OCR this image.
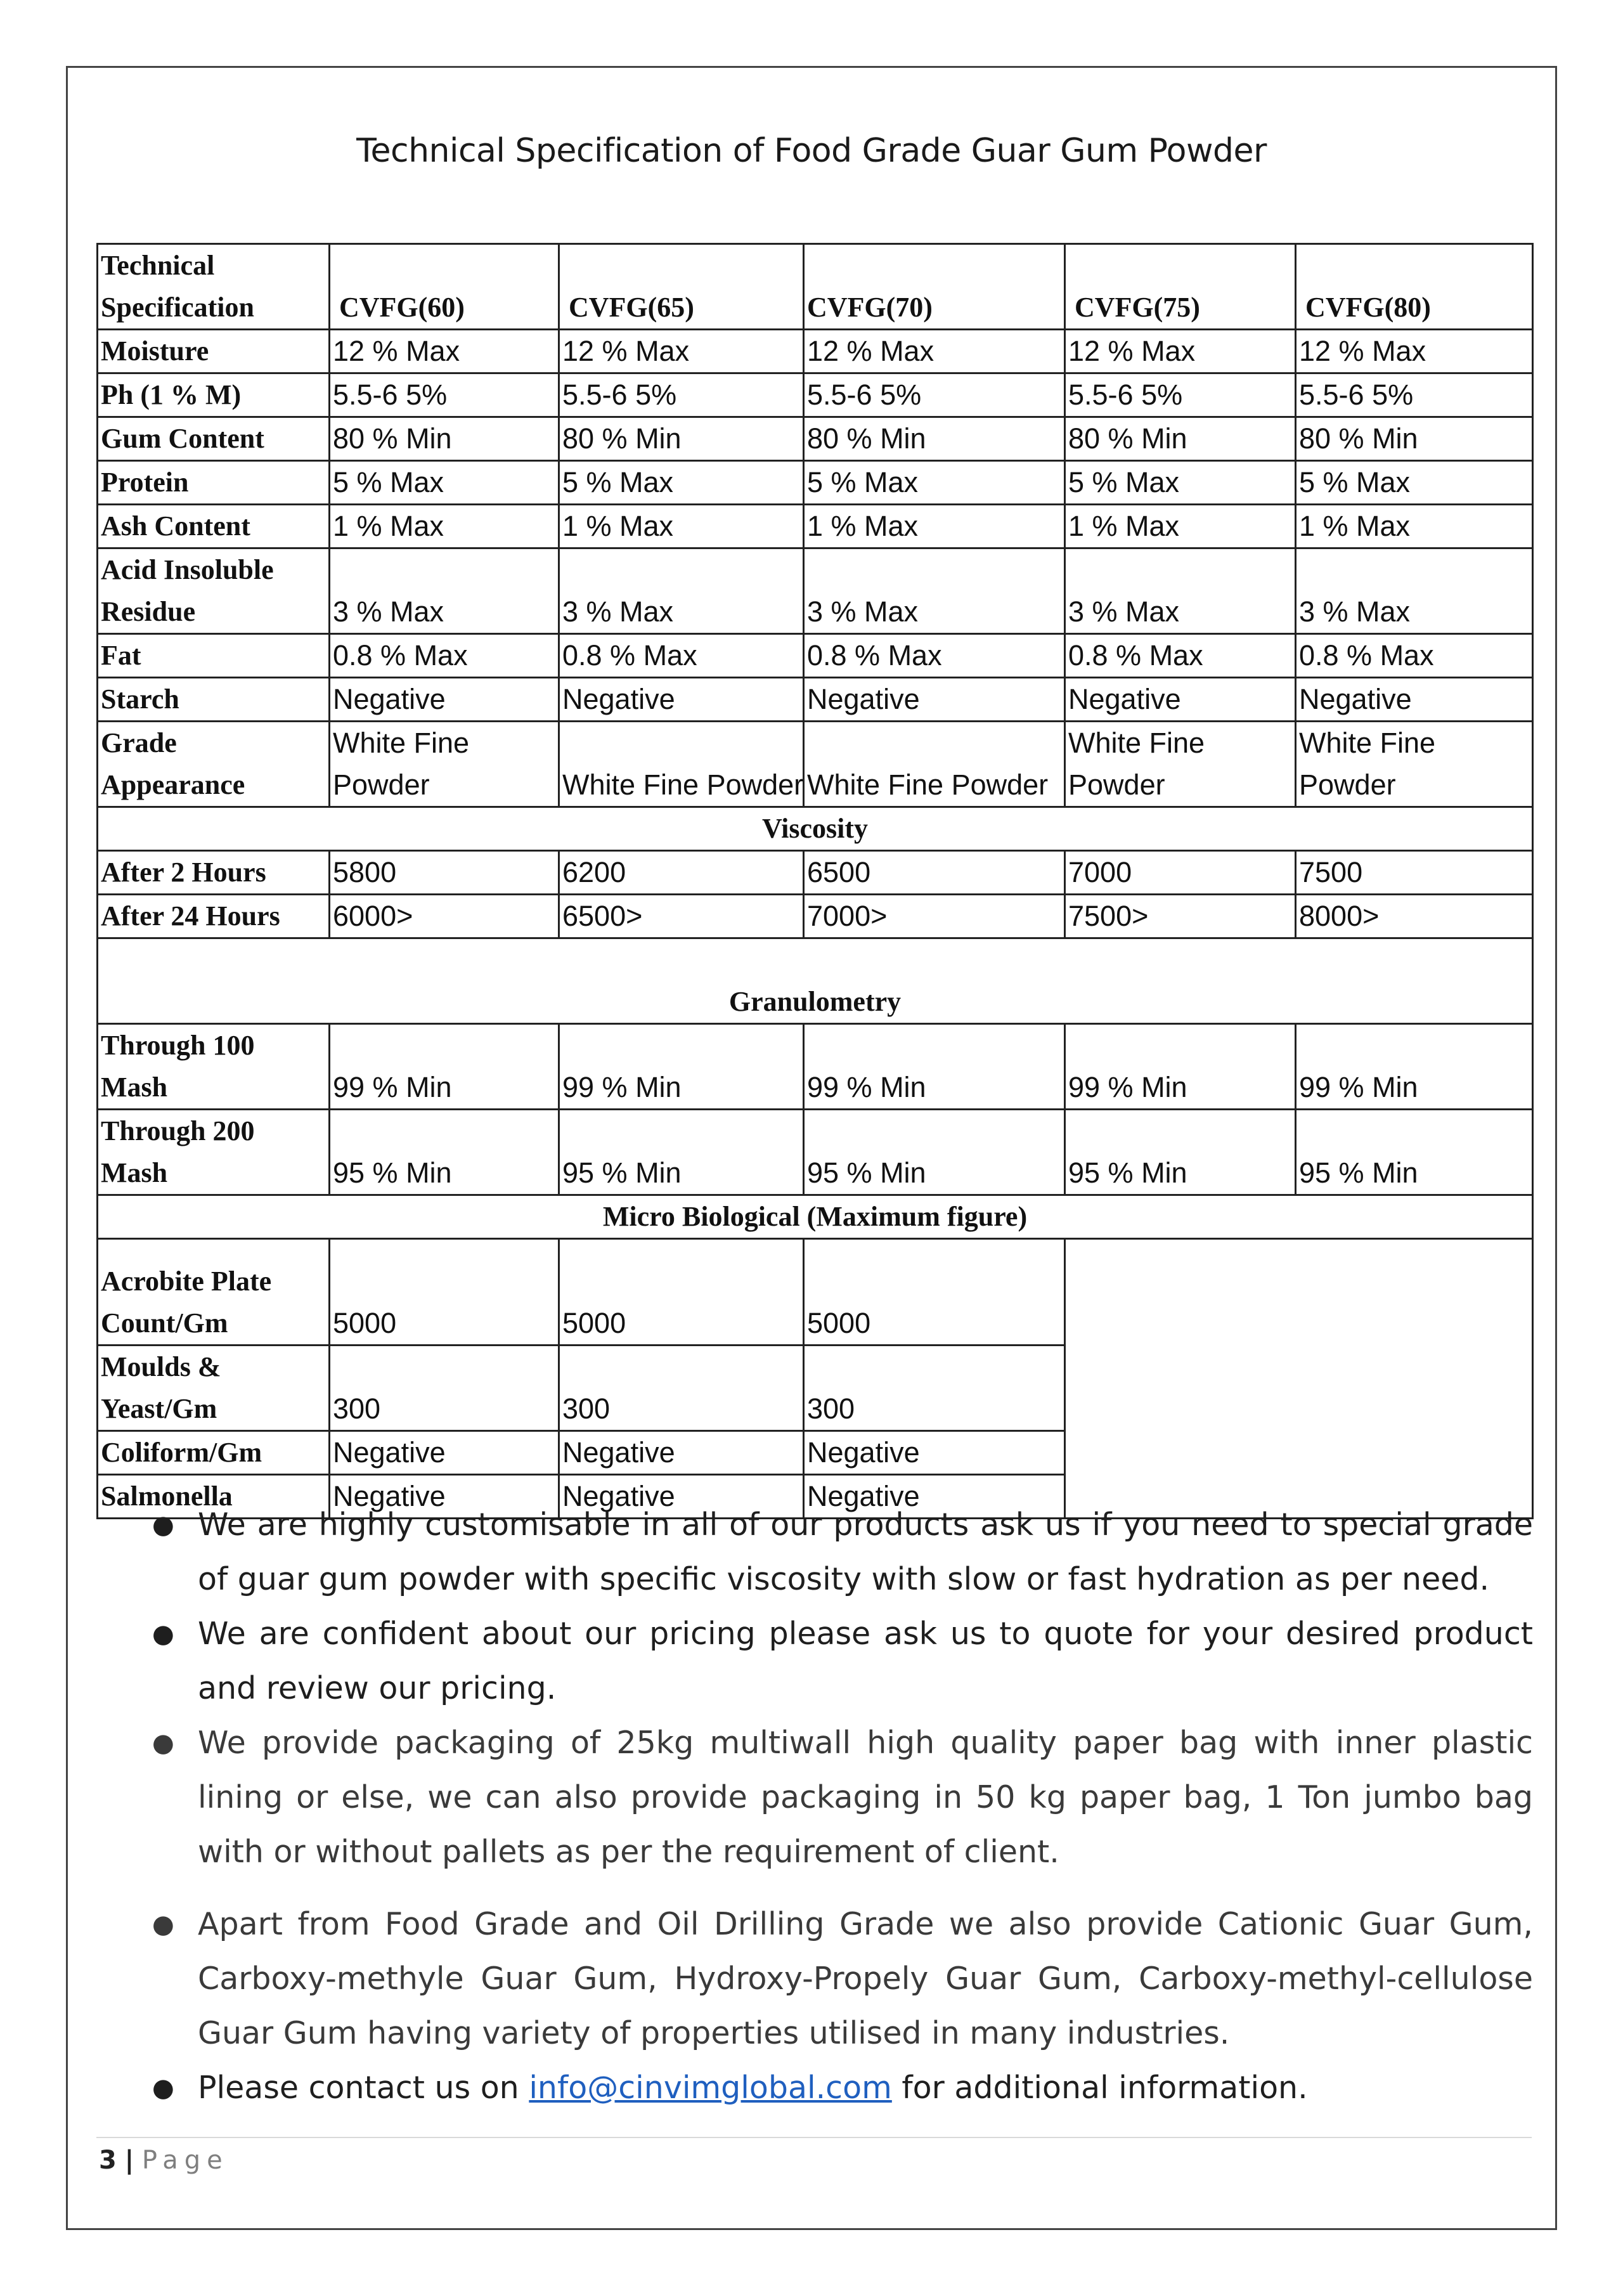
Technical Specification of Food Grade Guar Gum Powder
Technical Specification	CVFG(60)	CVFG(65)	CVFG(70)	CVFG(75)	CVFG(80)
Moisture	12 % Max	12 % Max	12 % Max	12 % Max	12 % Max
Ph (1 % M)	5.5-6 5%	5.5-6 5%	5.5-6 5%	5.5-6 5%	5.5-6 5%
Gum Content	80 % Min	80 % Min	80 % Min	80 % Min	80 % Min
Protein	5 % Max	5 % Max	5 % Max	5 % Max	5 % Max
Ash Content	1 % Max	1 % Max	1 % Max	1 % Max	1 % Max
Acid Insoluble Residue	3 % Max	3 % Max	3 % Max	3 % Max	3 % Max
Fat	0.8 % Max	0.8 % Max	0.8 % Max	0.8 % Max	0.8 % Max
Starch	Negative	Negative	Negative	Negative	Negative
Grade Appearance	White Fine Powder	White Fine Powder	White Fine Powder	White Fine Powder	White Fine Powder
Viscosity					
After 2 Hours	5800	6200	6500	7000	7500
After 24 Hours	6000>	6500>	7000>	7500>	8000>
Granulometry					
Through 100 Mash	99 % Min	99 % Min	99 % Min	99 % Min	99 % Min
Through 200 Mash	95 % Min	95 % Min	95 % Min	95 % Min	95 % Min
Micro Biological (Maximum figure)					
Acrobite Plate Count/Gm	5000	5000	5000		
Moulds & Yeast/Gm	300	300	300		
Coliform/Gm	Negative	Negative	Negative		
Salmonella	Negative	Negative	Negative		
● We are highly customisable in all of our products ask us if you need to special grade of guar gum powder with specific viscosity with slow or fast hydration as per need.
● We are confident about our pricing please ask us to quote for your desired product and review our pricing.
● We provide packaging of 25kg multiwall high quality paper bag with inner plastic lining or else, we can also provide packaging in 50 kg paper bag, 1 Ton jumbo bag with or without pallets as per the requirement of client.
● Apart from Food Grade and Oil Drilling Grade we also provide Cationic Guar Gum, Carboxy-methyle Guar Gum, Hydroxy-Propely Guar Gum, Carboxy-methyl-cellulose Guar Gum having variety of properties utilised in many industries.
● Please contact us on info@cinvimglobal.com for additional information.
3 | Page
